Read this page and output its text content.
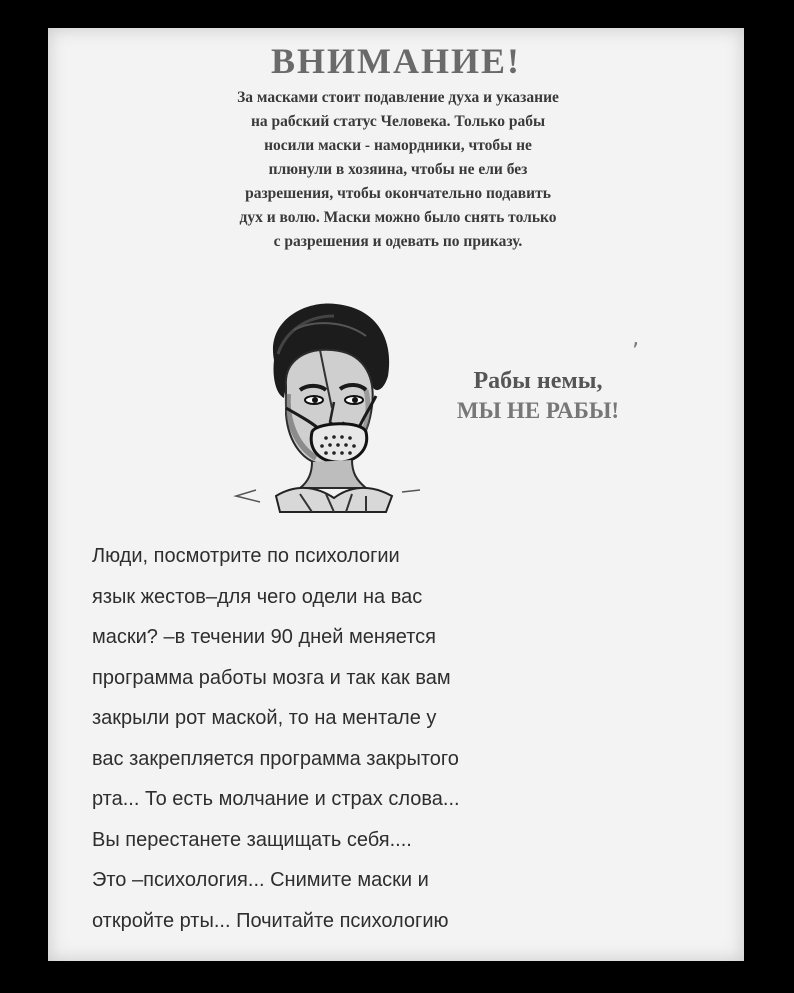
ВНИМАНИЕ!
За масками стоит подавление духа и указание
на рабский статус Человека. Только рабы
носили маски - намордники, чтобы не
плюнули в хозяина, чтобы не ели без
разрешения, чтобы окончательно подавить
дух и волю. Маски можно было снять только
с разрешения и одевать по приказу.
‚
Рабы немы,
МЫ НЕ РАБЫ!
Люди, посмотрите по психологии
язык жестов–для чего одели на вас
маски? –в течении 90 дней меняется
программа работы мозга и так как вам
закрыли рот маской, то на ментале у
вас закрепляется программа закрытого
рта... То есть молчание и страх слова...
Вы перестанете защищать себя....
Это –психология... Снимите маски и
откройте рты... Почитайте психологию
